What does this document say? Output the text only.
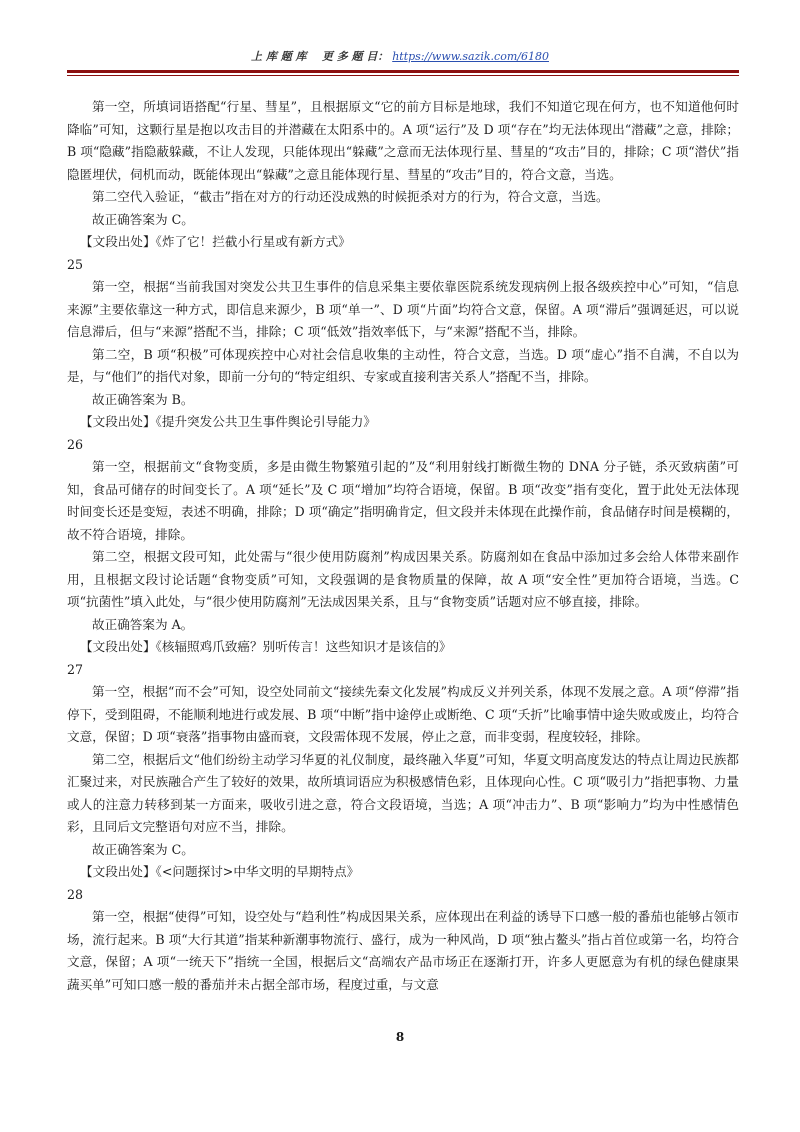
上 库 题 库 更 多 题 目： https://www.sazik.com/6180

第一空，所填词语搭配“行星、彗星”，且根据原文“它的前方目标是地球，我们不知道它现在何方，也不知道他何时降临”可知，这颗行星是抱以攻击目的并潜藏在太阳系中的。A 项“运行”及 D 项“存在”均无法体现出“潜藏”之意，排除；B 项“隐藏”指隐蔽躲藏，不让人发现，只能体现出“躲藏”之意而无法体现行星、彗星的“攻击”目的，排除；C 项“潜伏”指隐匿埋伏，伺机而动，既能体现出“躲藏”之意且能体现行星、彗星的“攻击”目的，符合文意，当选。

第二空代入验证，“截击”指在对方的行动还没成熟的时候扼杀对方的行为，符合文意，当选。

故正确答案为 C。

【文段出处】《炸了它！拦截小行星或有新方式》

25

第一空，根据“当前我国对突发公共卫生事件的信息采集主要依靠医院系统发现病例上报各级疾控中心”可知，“信息来源”主要依靠这一种方式，即信息来源少，B 项“单一”、D 项“片面”均符合文意，保留。A 项“滞后”强调延迟，可以说信息滞后，但与“来源”搭配不当，排除；C 项“低效”指效率低下，与“来源”搭配不当，排除。

第二空，B 项“积极”可体现疾控中心对社会信息收集的主动性，符合文意，当选。D 项“虚心”指不自满，不自以为是，与“他们”的指代对象，即前一分句的“特定组织、专家或直接利害关系人”搭配不当，排除。

故正确答案为 B。

【文段出处】《提升突发公共卫生事件舆论引导能力》

26

第一空，根据前文“食物变质，多是由微生物繁殖引起的”及“利用射线打断微生物的 DNA 分子链，杀灭致病菌”可知，食品可储存的时间变长了。A 项“延长”及 C 项“增加”均符合语境，保留。B 项“改变”指有变化，置于此处无法体现时间变长还是变短，表述不明确，排除；D 项“确定”指明确肯定，但文段并未体现在此操作前，食品储存时间是模糊的，故不符合语境，排除。

第二空，根据文段可知，此处需与“很少使用防腐剂”构成因果关系。防腐剂如在食品中添加过多会给人体带来副作用，且根据文段讨论话题“食物变质”可知，文段强调的是食物质量的保障，故 A 项“安全性”更加符合语境，当选。C 项“抗菌性”填入此处，与“很少使用防腐剂”无法成因果关系，且与“食物变质”话题对应不够直接，排除。

故正确答案为 A。

【文段出处】《核辐照鸡爪致癌？别听传言！这些知识才是该信的》

27

第一空，根据“而不会”可知，设空处同前文“接续先秦文化发展”构成反义并列关系，体现不发展之意。A 项“停滞”指停下，受到阻碍，不能顺利地进行或发展、B 项“中断”指中途停止或断绝、C 项“夭折”比喻事情中途失败或废止，均符合文意，保留；D 项“衰落”指事物由盛而衰，文段需体现不发展，停止之意，而非变弱，程度较轻，排除。

第二空，根据后文“他们纷纷主动学习华夏的礼仪制度，最终融入华夏”可知，华夏文明高度发达的特点让周边民族都汇聚过来，对民族融合产生了较好的效果，故所填词语应为积极感情色彩，且体现向心性。C 项“吸引力”指把事物、力量或人的注意力转移到某一方面来，吸收引进之意，符合文段语境，当选；A 项“冲击力”、B 项“影响力”均为中性感情色彩，且同后文完整语句对应不当，排除。

故正确答案为 C。

【文段出处】《<问题探讨>中华文明的早期特点》

28

第一空，根据“使得”可知，设空处与“趋利性”构成因果关系，应体现出在利益的诱导下口感一般的番茄也能够占领市场，流行起来。B 项“大行其道”指某种新潮事物流行、盛行，成为一种风尚，D 项“独占鳌头”指占首位或第一名，均符合文意，保留；A 项“一统天下”指统一全国，根据后文“高端农产品市场正在逐渐打开，许多人更愿意为有机的绿色健康果蔬买单”可知口感一般的番茄并未占据全部市场，程度过重，与文意

8
